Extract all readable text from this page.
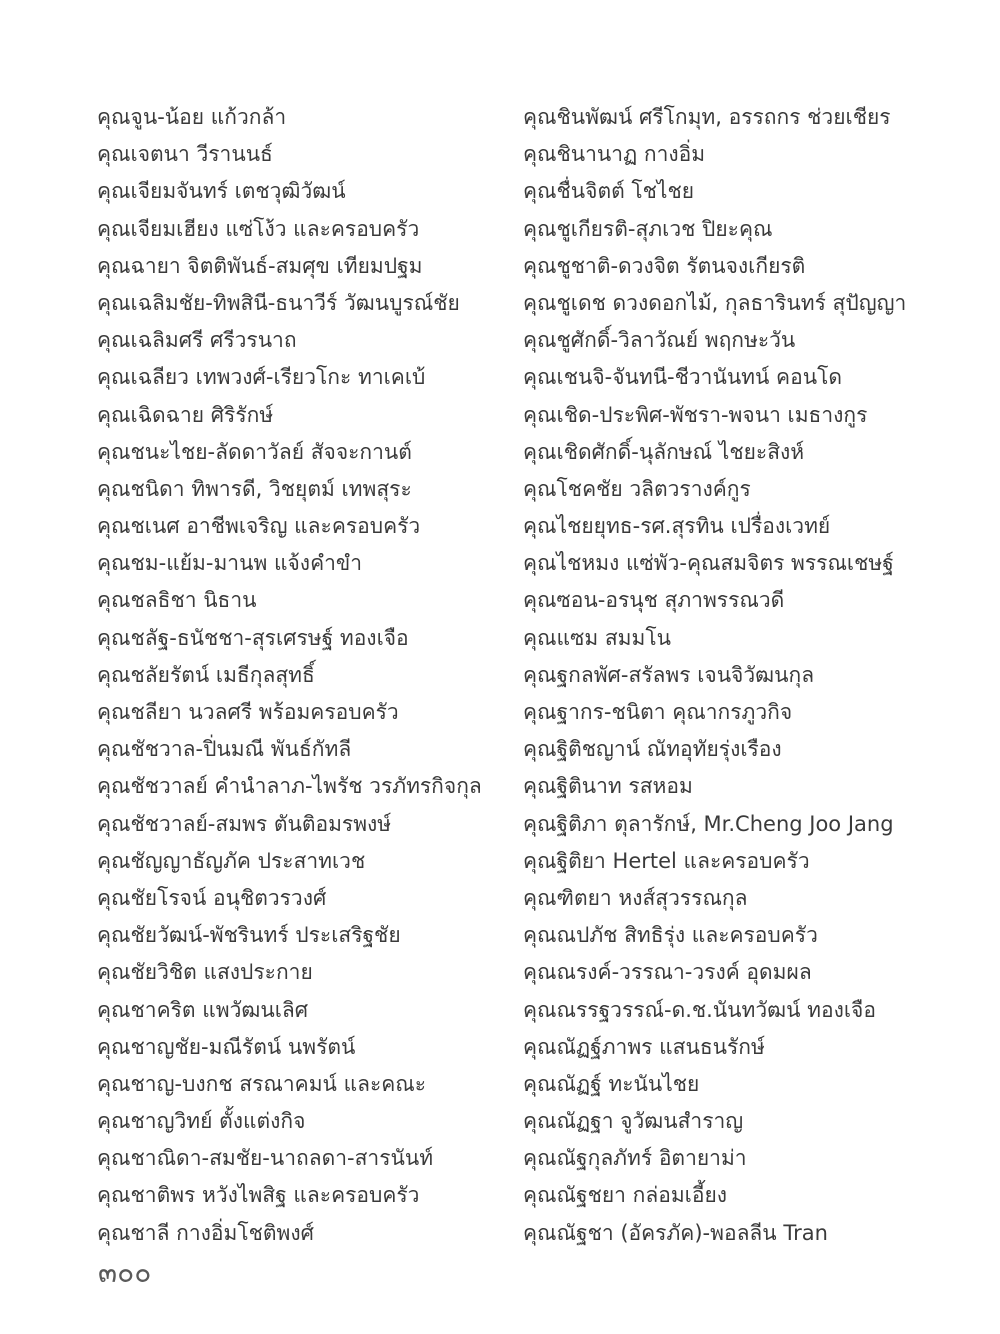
คุณจูน-น้อย แก้วกล้า
คุณเจตนา วีรานนธ์
คุณเจียมจันทร์ เตชวุฒิวัฒน์
คุณเจียมเฮียง แซ่โง้ว และครอบครัว
คุณฉายา จิตติพันธ์-สมศุข เทียมปฐม
คุณเฉลิมชัย-ทิพสินี-ธนาวีร์ วัฒนบูรณ์ชัย
คุณเฉลิมศรี ศรีวรนาถ
คุณเฉลียว เทพวงศ์-เรียวโกะ ทาเคเบ้
คุณเฉิดฉาย ศิริรักษ์
คุณชนะไชย-ลัดดาวัลย์ สัจจะกานต์
คุณชนิดา ทิพารดี, วิชยุตม์ เทพสุระ
คุณชเนศ อาชีพเจริญ และครอบครัว
คุณชม-แย้ม-มานพ แจ้งคำขำ
คุณชลธิชา นิธาน
คุณชลัฐ-ธนัชชา-สุรเศรษฐ์ ทองเจือ
คุณชลัยรัตน์ เมธีกุลสุทธิ์
คุณชลียา นวลศรี พร้อมครอบครัว
คุณชัชวาล-ปิ่นมณี พันธ์กัทลี
คุณชัชวาลย์ คำนำลาภ-ไพรัช วรภัทรกิจกุล
คุณชัชวาลย์-สมพร ตันติอมรพงษ์
คุณชัญญาธัญภัค ประสาทเวช
คุณชัยโรจน์ อนุชิตวรวงศ์
คุณชัยวัฒน์-พัชรินทร์ ประเสริฐชัย
คุณชัยวิชิต แสงประกาย
คุณชาคริต แพวัฒนเลิศ
คุณชาญชัย-มณีรัตน์ นพรัตน์
คุณชาญ-บงกช สรณาคมน์ และคณะ
คุณชาญวิทย์ ตั้งแต่งกิจ
คุณชาณิดา-สมชัย-นาถลดา-สารนันท์
คุณชาติพร หวังไพสิฐ และครอบครัว
คุณชาลี กางอิ่มโชติพงศ์
คุณชินพัฒน์ ศรีโกมุท, อรรถกร ช่วยเชียร
คุณชินานาฏ กางอิ่ม
คุณชื่นจิตต์ โชไชย
คุณชูเกียรติ-สุภเวช ปิยะคุณ
คุณชูชาติ-ดวงจิต รัตนจงเกียรติ
คุณชูเดช ดวงดอกไม้, กุลธารินทร์ สุปัญญา
คุณชูศักดิ์-วิลาวัณย์ พฤกษะวัน
คุณเชนจิ-จันทนี-ชีวานันทน์ คอนโด
คุณเชิด-ประพิศ-พัชรา-พจนา เมธางกูร
คุณเชิดศักดิ์-นุลักษณ์ ไชยะสิงห์
คุณโชคชัย วลิตวรางค์กูร
คุณไชยยุทธ-รศ.สุรทิน เปรื่องเวทย์
คุณไชหมง แซ่พัว-คุณสมจิตร พรรณเชษฐ์
คุณซอน-อรนุช สุภาพรรณวดี
คุณแซม สมมโน
คุณฐกลพัศ-สรัลพร เจนจิวัฒนกุล
คุณฐากร-ชนิตา คุณากรภูวกิจ
คุณฐิติชญาน์ ณัทอุทัยรุ่งเรือง
คุณฐิตินาท รสหอม
คุณฐิติภา ตุลารักษ์, Mr.Cheng Joo Jang
คุณฐิติยา Hertel และครอบครัว
คุณฑิตยา หงส์สุวรรณกุล
คุณณปภัช สิทธิรุ่ง และครอบครัว
คุณณรงค์-วรรณา-วรงค์ อุดมผล
คุณณรรฐวรรณ์-ด.ช.นันทวัฒน์ ทองเจือ
คุณณัฏฐ์ภาพร แสนธนรักษ์
คุณณัฏฐ์ ทะนันไชย
คุณณัฏฐา จูวัฒนสำราญ
คุณณัฐกุลภัทร์ อิตายาม่า
คุณณัฐชยา กล่อมเอี้ยง
คุณณัฐชา (อัครภัค)-พอลลีน Tran
๓๐๐
